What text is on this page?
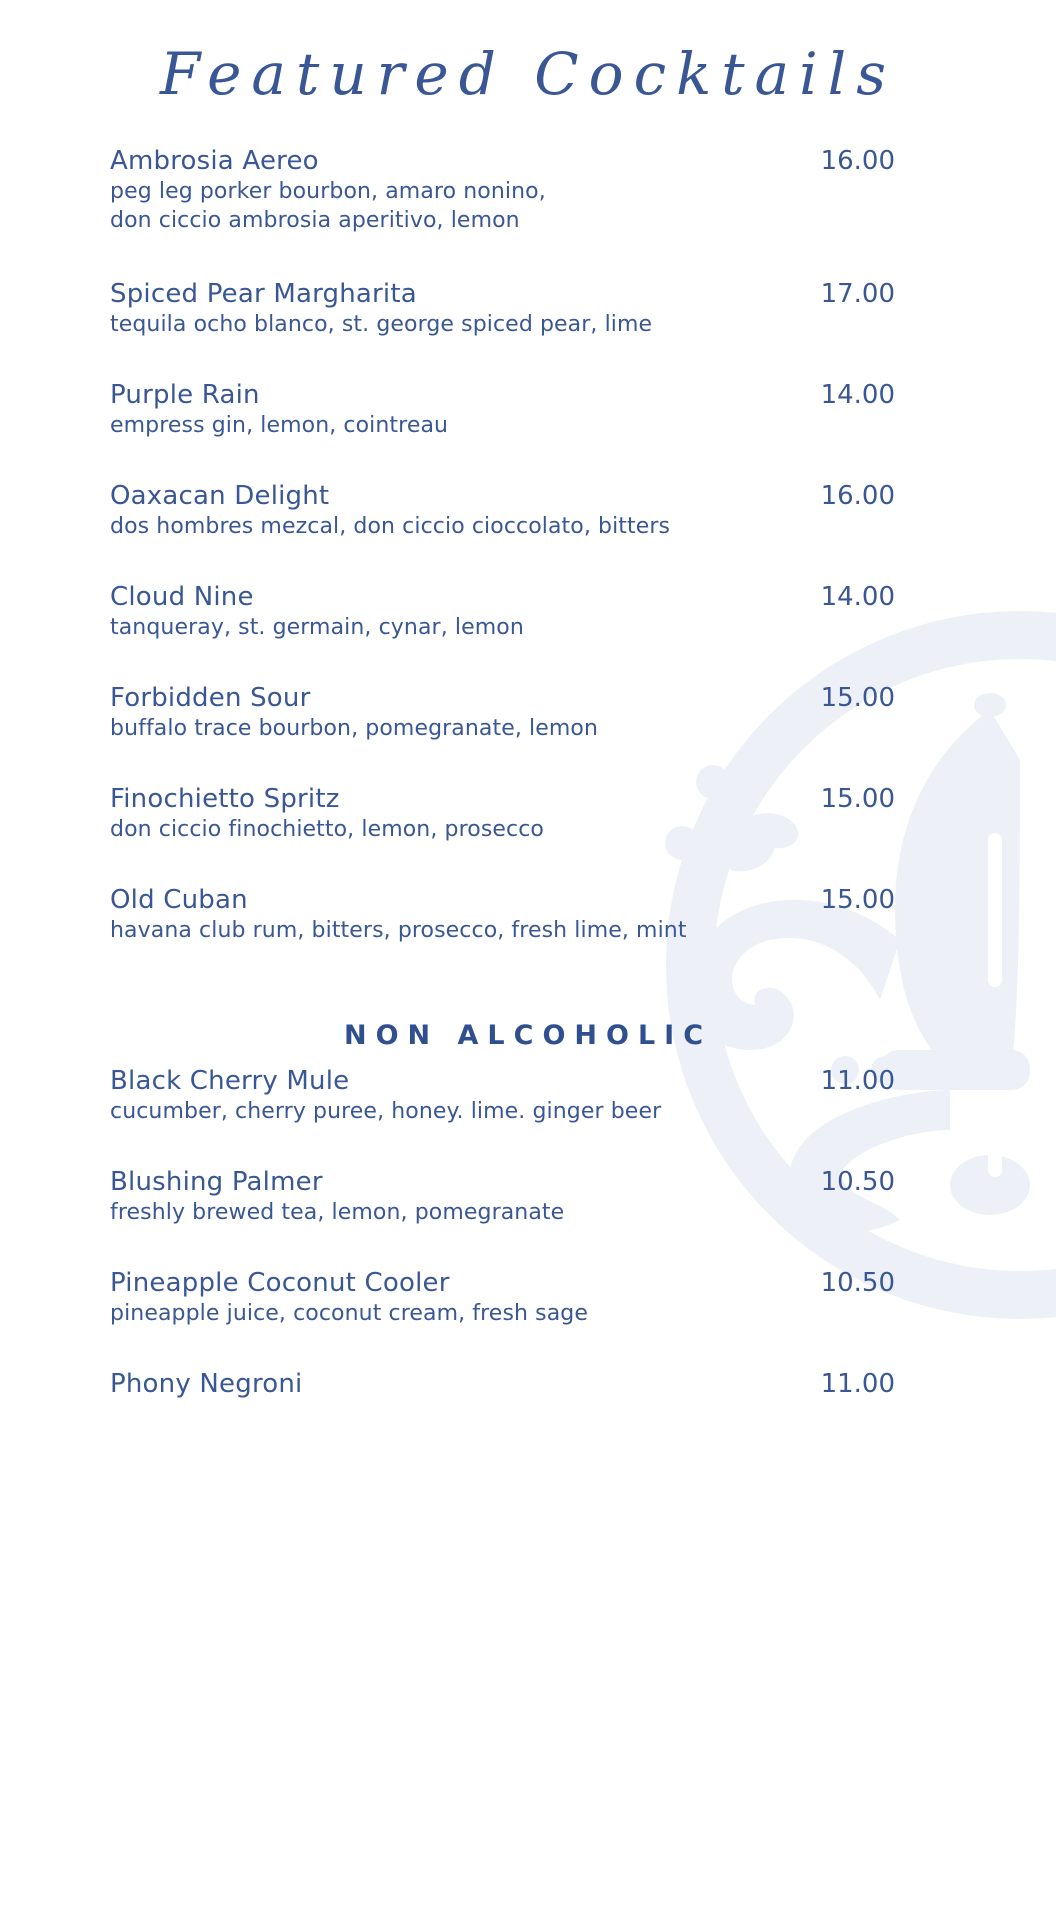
Featured Cocktails
Ambrosia Aereo	16.00
peg leg porker bourbon, amaro nonino,
don ciccio ambrosia aperitivo, lemon
Spiced Pear Margharita	17.00
tequila ocho blanco, st. george spiced pear, lime
Purple Rain	14.00
empress gin, lemon, cointreau
Oaxacan Delight	16.00
dos hombres mezcal, don ciccio cioccolato, bitters
Cloud Nine	14.00
tanqueray, st. germain, cynar, lemon
Forbidden Sour	15.00
buffalo trace bourbon, pomegranate, lemon
Finochietto Spritz	15.00
don ciccio finochietto, lemon, prosecco
Old Cuban	15.00
havana club rum, bitters, prosecco, fresh lime, mint
NON ALCOHOLIC
Black Cherry Mule	11.00
cucumber, cherry puree, honey. lime. ginger beer
Blushing Palmer	10.50
freshly brewed tea, lemon, pomegranate
Pineapple Coconut Cooler	10.50
pineapple juice, coconut cream, fresh sage
Phony Negroni	11.00
